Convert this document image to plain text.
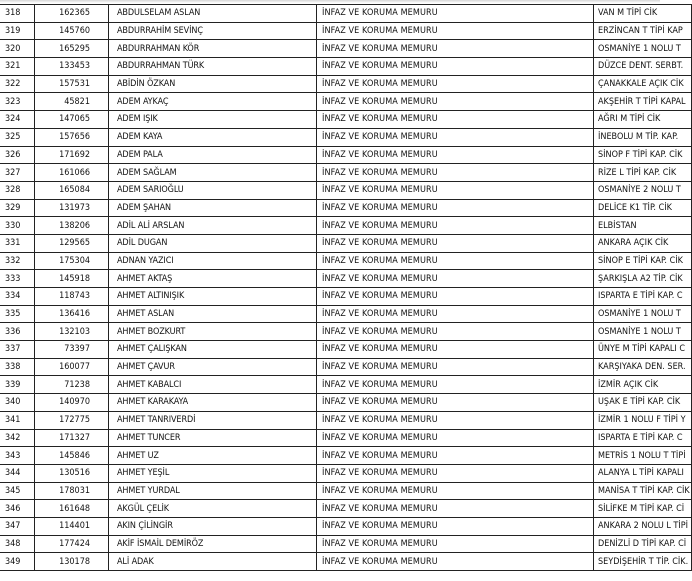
318	162365	ABDULSELAM ASLAN	İNFAZ VE KORUMA MEMURU	VAN M TİPİ CİK
319	145760	ABDURRAHİM SEVİNÇ	İNFAZ VE KORUMA MEMURU	ERZİNCAN T TİPİ KAP
320	165295	ABDURRAHMAN KÖR	İNFAZ VE KORUMA MEMURU	OSMANİYE 1 NOLU T
321	133453	ABDURRAHMAN TÜRK	İNFAZ VE KORUMA MEMURU	DÜZCE DENT. SERBT.
322	157531	ABİDİN ÖZKAN	İNFAZ VE KORUMA MEMURU	ÇANAKKALE AÇIK CİK
323	45821	ADEM AYKAÇ	İNFAZ VE KORUMA MEMURU	AKŞEHİR T TİPİ KAPAL
324	147065	ADEM IŞIK	İNFAZ VE KORUMA MEMURU	AĞRI M TİPİ CİK
325	157656	ADEM KAYA	İNFAZ VE KORUMA MEMURU	İNEBOLU M TİP. KAP.
326	171692	ADEM PALA	İNFAZ VE KORUMA MEMURU	SİNOP F TİPİ KAP. CİK
327	161066	ADEM SAĞLAM	İNFAZ VE KORUMA MEMURU	RİZE L TİPİ KAP. CİK
328	165084	ADEM SARIOĞLU	İNFAZ VE KORUMA MEMURU	OSMANİYE 2 NOLU T
329	131973	ADEM ŞAHAN	İNFAZ VE KORUMA MEMURU	DELİCE K1 TİP. CİK
330	138206	ADİL ALİ ARSLAN	İNFAZ VE KORUMA MEMURU	ELBİSTAN
331	129565	ADİL DUGAN	İNFAZ VE KORUMA MEMURU	ANKARA AÇIK CİK
332	175304	ADNAN YAZICI	İNFAZ VE KORUMA MEMURU	SİNOP E TİPİ KAP. CİK
333	145918	AHMET AKTAŞ	İNFAZ VE KORUMA MEMURU	ŞARKIŞLA A2 TİP. CİK
334	118743	AHMET ALTINIŞIK	İNFAZ VE KORUMA MEMURU	ISPARTA E TİPİ KAP. C
335	136416	AHMET ASLAN	İNFAZ VE KORUMA MEMURU	OSMANİYE 1 NOLU T
336	132103	AHMET BOZKURT	İNFAZ VE KORUMA MEMURU	OSMANİYE 1 NOLU T
337	73397	AHMET ÇALIŞKAN	İNFAZ VE KORUMA MEMURU	ÜNYE M TİPİ KAPALI C
338	160077	AHMET ÇAVUR	İNFAZ VE KORUMA MEMURU	KARŞIYAKA DEN. SER.
339	71238	AHMET KABALCI	İNFAZ VE KORUMA MEMURU	İZMİR AÇIK CİK
340	140970	AHMET KARAKAYA	İNFAZ VE KORUMA MEMURU	UŞAK E TİPİ KAP. CİK
341	172775	AHMET TANRIVERDİ	İNFAZ VE KORUMA MEMURU	İZMİR 1 NOLU F TİPİ Y
342	171327	AHMET TUNCER	İNFAZ VE KORUMA MEMURU	ISPARTA E TİPİ KAP. C
343	145846	AHMET UZ	İNFAZ VE KORUMA MEMURU	METRİS 1 NOLU T TİPİ
344	130516	AHMET YEŞİL	İNFAZ VE KORUMA MEMURU	ALANYA L TİPİ KAPALI
345	178031	AHMET YURDAL	İNFAZ VE KORUMA MEMURU	MANİSA T TİPİ KAP. CİK
346	161648	AKGÜL ÇELİK	İNFAZ VE KORUMA MEMURU	SİLİFKE M TİPİ KAP. Cİ
347	114401	AKIN ÇİLİNGİR	İNFAZ VE KORUMA MEMURU	ANKARA 2 NOLU L TİPİ
348	177424	AKİF İSMAİL DEMİRÖZ	İNFAZ VE KORUMA MEMURU	DENİZLİ D TİPİ KAP. Cİ
349	130178	ALİ ADAK	İNFAZ VE KORUMA MEMURU	SEYDİŞEHİR T TİP. CİK.
